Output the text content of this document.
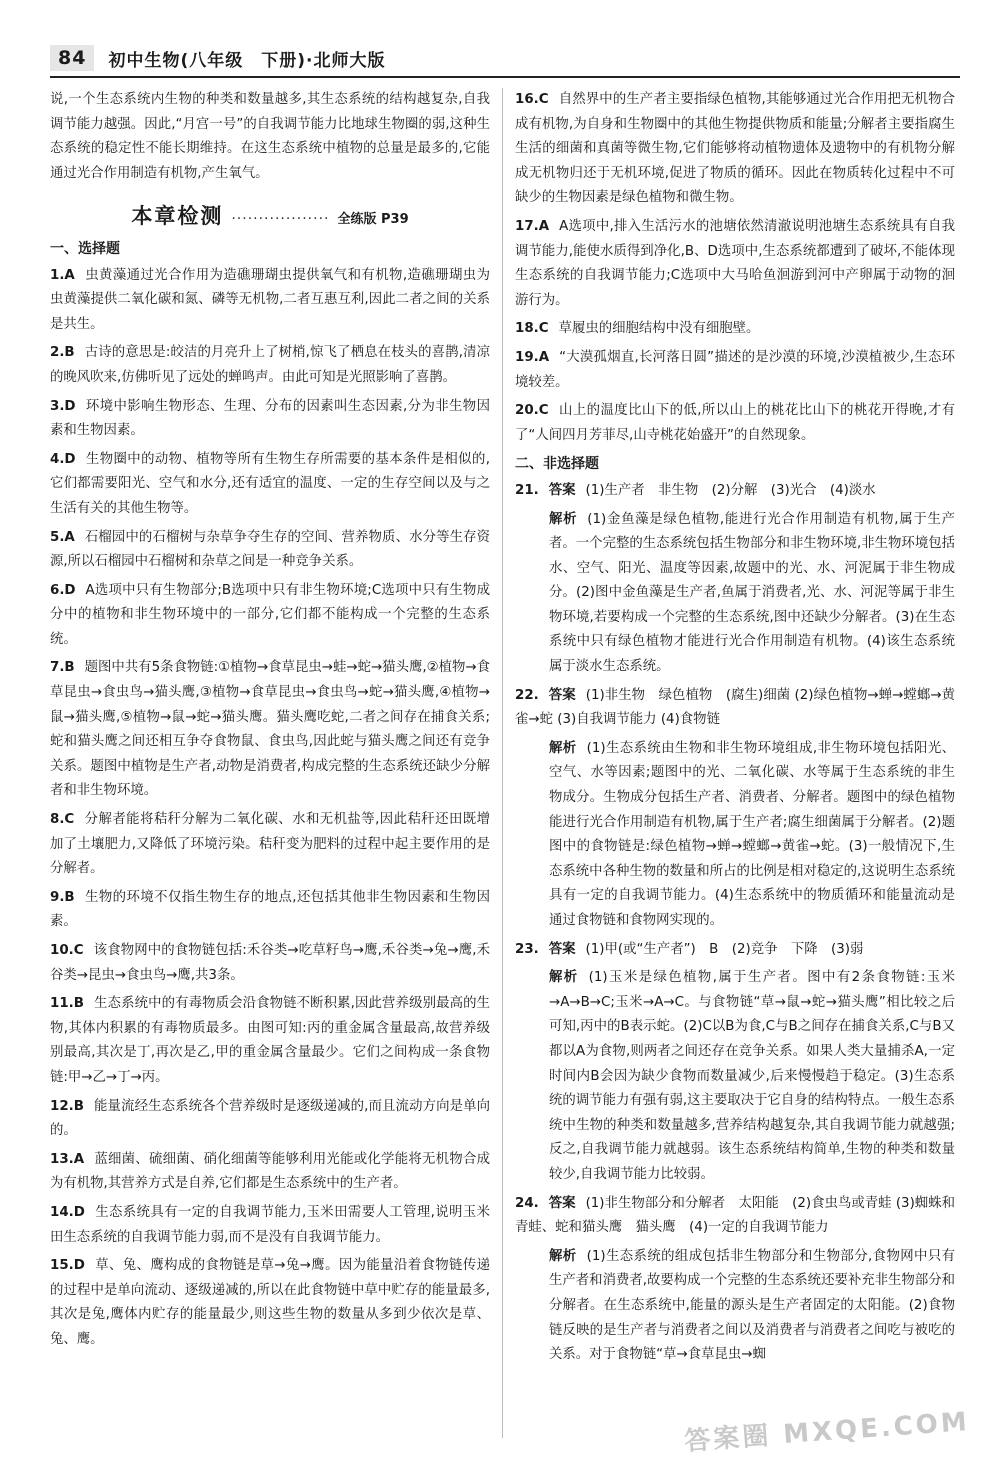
84	初中生物(八年级　下册)·北师大版

说,一个生态系统内生物的种类和数量越多,其生态系统的结构越复杂,自我调节能力越强。因此,“月宫一号”的自我调节能力比地球生物圈的弱,这种生态系统的稳定性不能长期维持。在这生态系统中植物的总量是最多的,它能通过光合作用制造有机物,产生氧气。

本章检测 ·················· 全练版 P39
一、选择题

1.A 虫黄藻通过光合作用为造礁珊瑚虫提供氧气和有机物,造礁珊瑚虫为虫黄藻提供二氧化碳和氮、磷等无机物,二者互惠互利,因此二者之间的关系是共生。

2.B 古诗的意思是:皎洁的月亮升上了树梢,惊飞了栖息在枝头的喜鹊,清凉的晚风吹来,仿佛听见了远处的蝉鸣声。由此可知是光照影响了喜鹊。

3.D 环境中影响生物形态、生理、分布的因素叫生态因素,分为非生物因素和生物因素。

4.D 生物圈中的动物、植物等所有生物生存所需要的基本条件是相似的,它们都需要阳光、空气和水分,还有适宜的温度、一定的生存空间以及与之生活有关的其他生物等。

5.A 石榴园中的石榴树与杂草争夺生存的空间、营养物质、水分等生存资源,所以石榴园中石榴树和杂草之间是一种竞争关系。

6.D A选项中只有生物部分;B选项中只有非生物环境;C选项中只有生物成分中的植物和非生物环境中的一部分,它们都不能构成一个完整的生态系统。

7.B 题图中共有5条食物链:①植物→食草昆虫→蛙→蛇→猫头鹰,②植物→食草昆虫→食虫鸟→猫头鹰,③植物→食草昆虫→食虫鸟→蛇→猫头鹰,④植物→鼠→猫头鹰,⑤植物→鼠→蛇→猫头鹰。猫头鹰吃蛇,二者之间存在捕食关系;蛇和猫头鹰之间还相互争夺食物鼠、食虫鸟,因此蛇与猫头鹰之间还有竞争关系。题图中植物是生产者,动物是消费者,构成完整的生态系统还缺少分解者和非生物环境。

8.C 分解者能将秸秆分解为二氧化碳、水和无机盐等,因此秸秆还田既增加了土壤肥力,又降低了环境污染。秸秆变为肥料的过程中起主要作用的是分解者。

9.B 生物的环境不仅指生物生存的地点,还包括其他非生物因素和生物因素。

10.C 该食物网中的食物链包括:禾谷类→吃草籽鸟→鹰,禾谷类→兔→鹰,禾谷类→昆虫→食虫鸟→鹰,共3条。

11.B 生态系统中的有毒物质会沿食物链不断积累,因此营养级别最高的生物,其体内积累的有毒物质最多。由图可知:丙的重金属含量最高,故营养级别最高,其次是丁,再次是乙,甲的重金属含量最少。它们之间构成一条食物链:甲→乙→丁→丙。

12.B 能量流经生态系统各个营养级时是逐级递减的,而且流动方向是单向的。

13.A 蓝细菌、硫细菌、硝化细菌等能够利用光能或化学能将无机物合成为有机物,其营养方式是自养,它们都是生态系统中的生产者。

14.D 生态系统具有一定的自我调节能力,玉米田需要人工管理,说明玉米田生态系统的自我调节能力弱,而不是没有自我调节能力。

15.D 草、兔、鹰构成的食物链是草→兔→鹰。因为能量沿着食物链传递的过程中是单向流动、逐级递减的,所以在此食物链中草中贮存的能量最多,其次是兔,鹰体内贮存的能量最少,则这些生物的数量从多到少依次是草、兔、鹰。

16.C 自然界中的生产者主要指绿色植物,其能够通过光合作用把无机物合成有机物,为自身和生物圈中的其他生物提供物质和能量;分解者主要指腐生生活的细菌和真菌等微生物,它们能够将动植物遗体及遗物中的有机物分解成无机物归还于无机环境,促进了物质的循环。因此在物质转化过程中不可缺少的生物因素是绿色植物和微生物。

17.A A选项中,排入生活污水的池塘依然清澈说明池塘生态系统具有自我调节能力,能使水质得到净化,B、D选项中,生态系统都遭到了破坏,不能体现生态系统的自我调节能力;C选项中大马哈鱼洄游到河中产卵属于动物的洄游行为。

18.C 草履虫的细胞结构中没有细胞壁。

19.A “大漠孤烟直,长河落日圆”描述的是沙漠的环境,沙漠植被少,生态环境较差。

20.C 山上的温度比山下的低,所以山上的桃花比山下的桃花开得晚,才有了“人间四月芳菲尽,山寺桃花始盛开”的自然现象。

二、非选择题

21. 答案 (1)生产者　非生物　(2)分解　(3)光合　(4)淡水

解析 (1)金鱼藻是绿色植物,能进行光合作用制造有机物,属于生产者。一个完整的生态系统包括生物部分和非生物环境,非生物环境包括水、空气、阳光、温度等因素,故题中的光、水、河泥属于非生物成分。(2)图中金鱼藻是生产者,鱼属于消费者,光、水、河泥等属于非生物环境,若要构成一个完整的生态系统,图中还缺少分解者。(3)在生态系统中只有绿色植物才能进行光合作用制造有机物。(4)该生态系统属于淡水生态系统。

22. 答案 (1)非生物　绿色植物　(腐生)细菌 (2)绿色植物→蝉→螳螂→黄雀→蛇 (3)自我调节能力 (4)食物链

解析 (1)生态系统由生物和非生物环境组成,非生物环境包括阳光、空气、水等因素;题图中的光、二氧化碳、水等属于生态系统的非生物成分。生物成分包括生产者、消费者、分解者。题图中的绿色植物能进行光合作用制造有机物,属于生产者;腐生细菌属于分解者。(2)题图中的食物链是:绿色植物→蝉→螳螂→黄雀→蛇。(3)一般情况下,生态系统中各种生物的数量和所占的比例是相对稳定的,这说明生态系统具有一定的自我调节能力。(4)生态系统中的物质循环和能量流动是通过食物链和食物网实现的。

23. 答案 (1)甲(或“生产者”)　B　(2)竞争　下降　(3)弱

解析 (1)玉米是绿色植物,属于生产者。图中有2条食物链:玉米→A→B→C;玉米→A→C。与食物链“草→鼠→蛇→猫头鹰”相比较之后可知,丙中的B表示蛇。(2)C以B为食,C与B之间存在捕食关系,C与B又都以A为食物,则两者之间还存在竞争关系。如果人类大量捕杀A,一定时间内B会因为缺少食物而数量减少,后来慢慢趋于稳定。(3)生态系统的调节能力有强有弱,这主要取决于它自身的结构特点。一般生态系统中生物的种类和数量越多,营养结构越复杂,其自我调节能力就越强;反之,自我调节能力就越弱。该生态系统结构简单,生物的种类和数量较少,自我调节能力比较弱。

24. 答案 (1)非生物部分和分解者　太阳能　(2)食虫鸟或青蛙 (3)蜘蛛和青蛙、蛇和猫头鹰　猫头鹰　(4)一定的自我调节能力

解析 (1)生态系统的组成包括非生物部分和生物部分,食物网中只有生产者和消费者,故要构成一个完整的生态系统还要补充非生物部分和分解者。在生态系统中,能量的源头是生产者固定的太阳能。(2)食物链反映的是生产者与消费者之间以及消费者与消费者之间吃与被吃的关系。对于食物链“草→食草昆虫→蜘

答案圈 MXQE.COM
